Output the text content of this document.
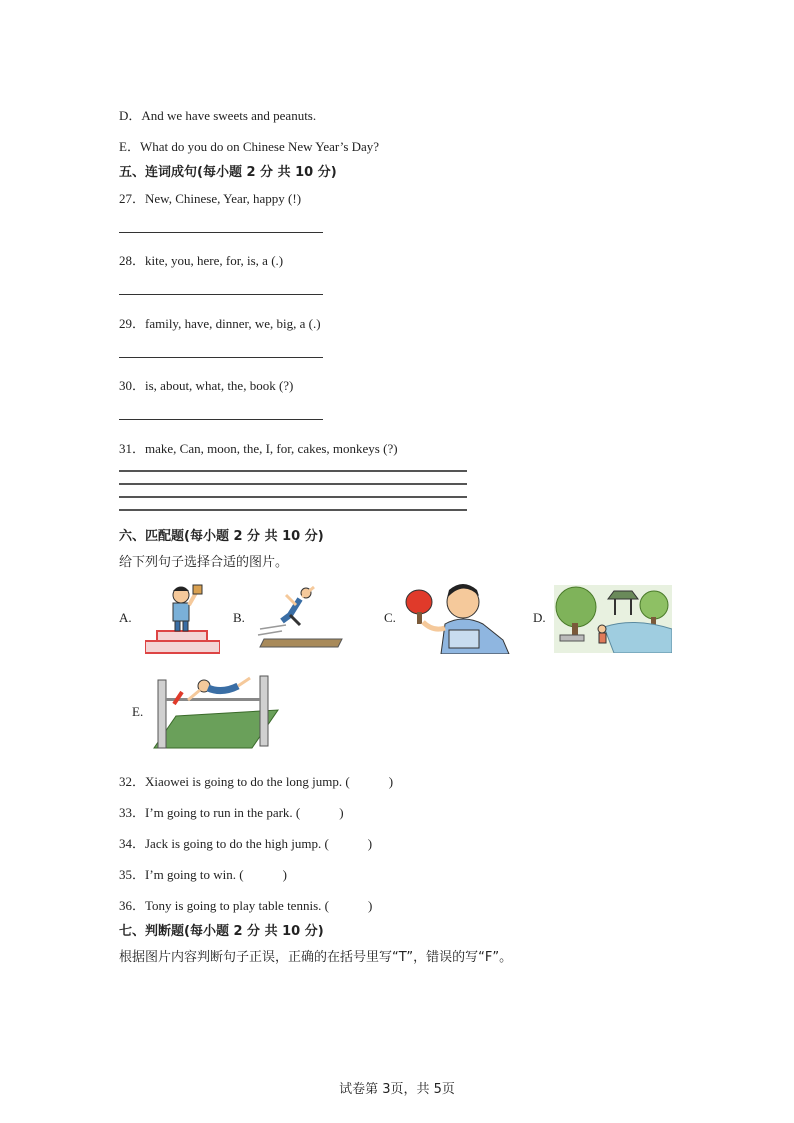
D．And we have sweets and peanuts.
E．What do you do on Chinese New Year’s Day?
五、连词成句(每小题 2 分 共 10 分)
27．New, Chinese, Year, happy (!)
28．kite, you, here, for, is, a (.)
29．family, have, dinner, we, big, a (.)
30．is, about, what, the, book (?)
31．make, Can, moon, the, I, for, cakes, monkeys (?)
六、匹配题(每小题 2 分 共 10 分)
给下列句子选择合适的图片。
A.	B.	C.	D.
E.
32．Xiaowei is going to do the long jump. (　　　)
33．I’m going to run in the park. (　　　)
34．Jack is going to do the high jump. (　　　)
35．I’m going to win. (　　　)
36．Tony is going to play table tennis. (　　　)
七、判断题(每小题 2 分 共 10 分)
根据图片内容判断句子正误，正确的在括号里写“T”，错误的写“F”。
试卷第 3页，共 5页
